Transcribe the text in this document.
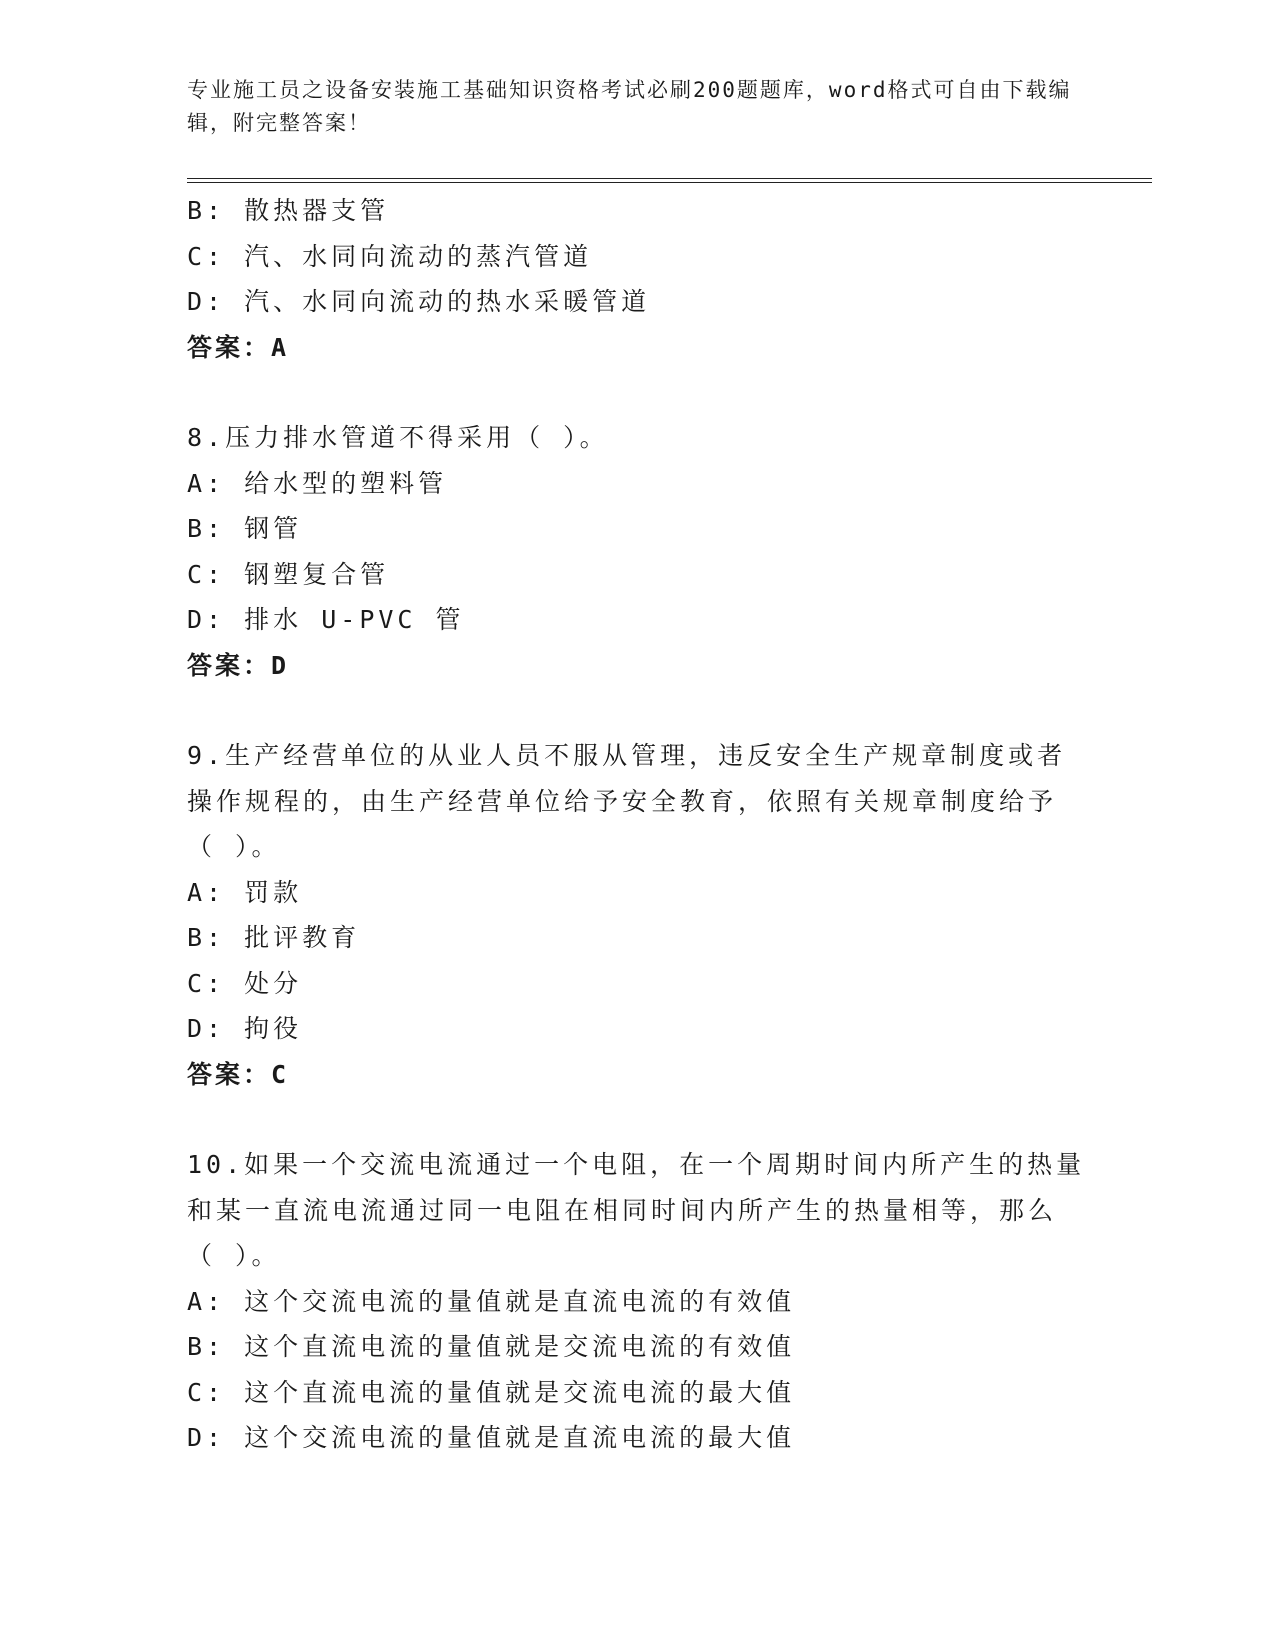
专业施工员之设备安装施工基础知识资格考试必刷200题题库，word格式可自由下载编辑，附完整答案！
B: 散热器支管
C: 汽、水同向流动的蒸汽管道
D: 汽、水同向流动的热水采暖管道
答案：A
8.压力排水管道不得采用（ ）。
A: 给水型的塑料管
B: 钢管
C: 钢塑复合管
D: 排水 U-PVC 管
答案：D
9.生产经营单位的从业人员不服从管理，违反安全生产规章制度或者
操作规程的，由生产经营单位给予安全教育，依照有关规章制度给予
（ ）。
A: 罚款
B: 批评教育
C: 处分
D: 拘役
答案：C
10.如果一个交流电流通过一个电阻，在一个周期时间内所产生的热量
和某一直流电流通过同一电阻在相同时间内所产生的热量相等，那么
（ ）。
A: 这个交流电流的量值就是直流电流的有效值
B: 这个直流电流的量值就是交流电流的有效值
C: 这个直流电流的量值就是交流电流的最大值
D: 这个交流电流的量值就是直流电流的最大值
